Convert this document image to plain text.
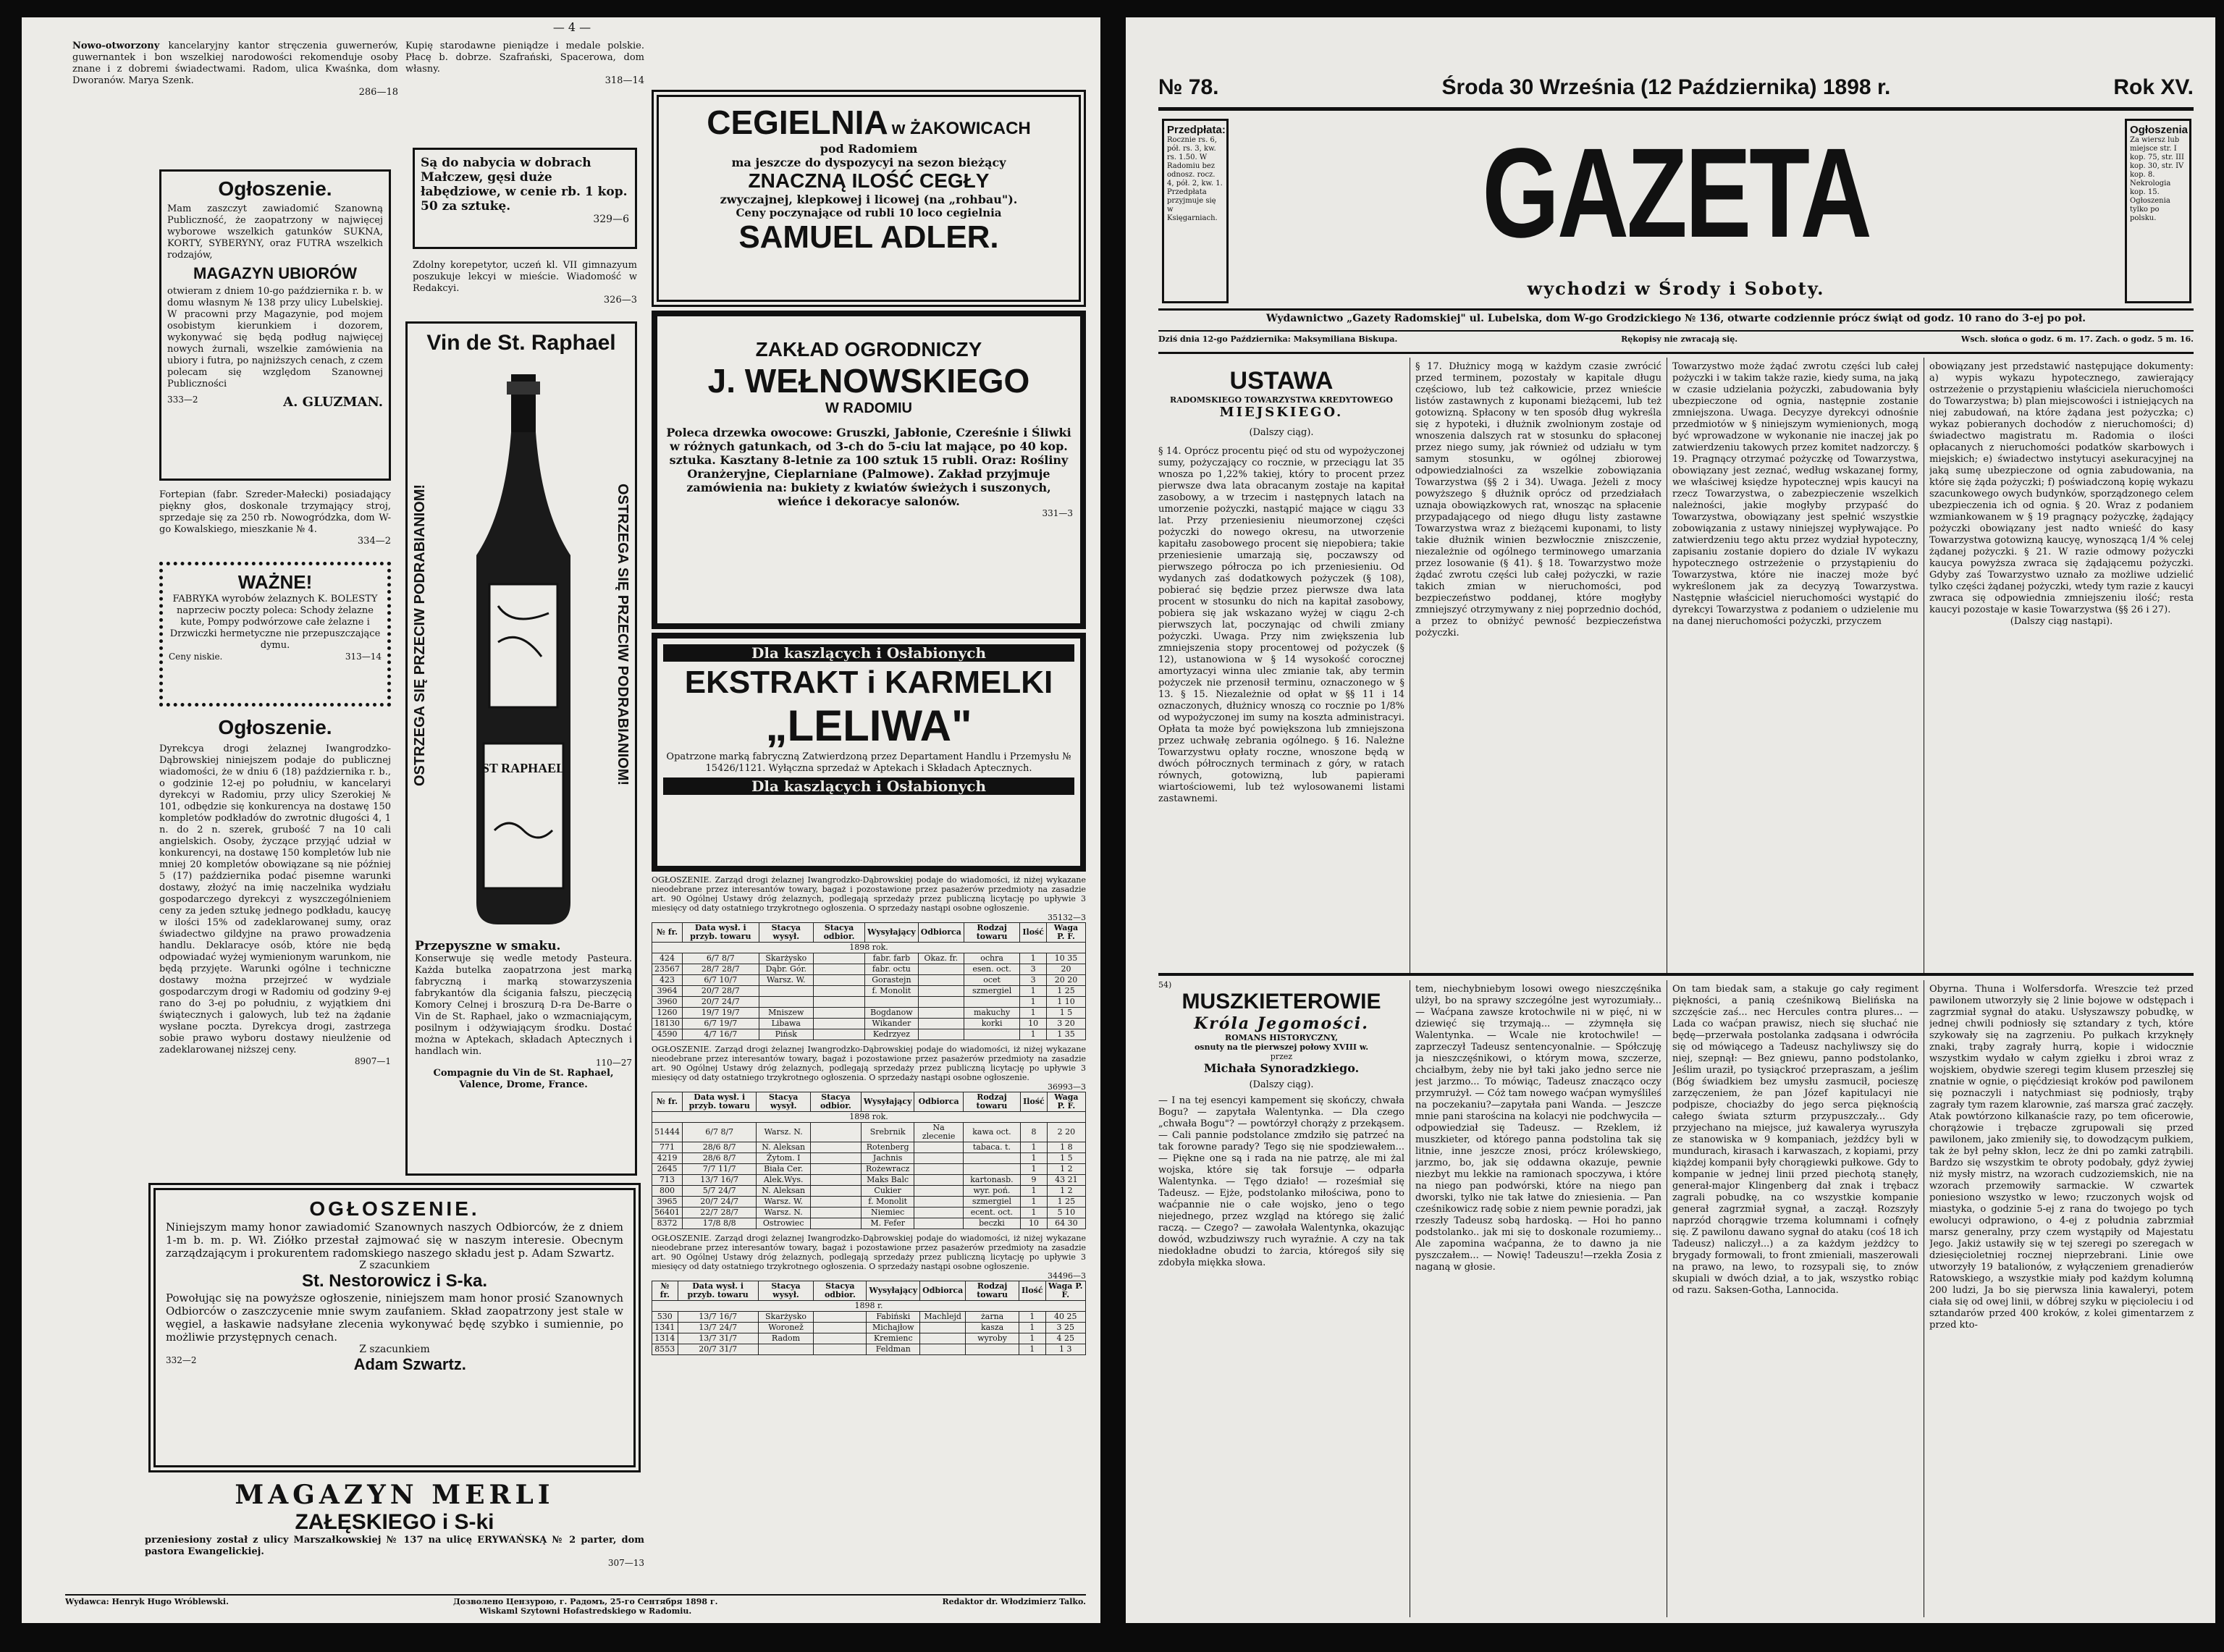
— 4 —
Nowo-otworzony kancelaryjny kantor stręczenia guwernerów, guwernantek i bon wszelkiej narodowości rekomenduje osoby znane i z dobremi świadectwami. Radom, ulica Kwaśnka, dom Dworanów. Marya Szenk.
286—18
Ogłoszenie.
Mam zaszczyt zawiadomić Szanowną Publiczność, że zaopatrzony w najwięcej wyborowe wszelkich gatunków SUKNA, KORTY, SYBERYNY, oraz FUTRA wszelkich rodzajów,
MAGAZYN UBIORÓW
otwieram z dniem 10-go października r. b. w domu własnym № 138 przy ulicy Lubelskiej. W pracowni przy Magazynie, pod mojem osobistym kierunkiem i dozorem, wykonywać się będą podług najwięcej nowych żurnali, wszelkie zamówienia na ubiory i futra, po najniższych cenach, z czem polecam się względom Szanownej Publiczności
333—2	A. GLUZMAN.
Fortepian (fabr. Szreder-Małecki) posiadający piękny głos, doskonale trzymający stroj, sprzedaje się za 250 rb. Nowogródzka, dom W-go Kowalskiego, mieszkanie № 4.
334—2
WAŻNE!
FABRYKA wyrobów żelaznych K. BOLESTY naprzeciw poczty poleca: Schody żelazne kute, Pompy podwórzowe całe żelazne i Drzwiczki hermetyczne nie przepuszczające dymu.
Ceny niskie.	313—14
Ogłoszenie.
Dyrekcya drogi żelaznej Iwangrodzko-Dąbrowskiej niniejszem podaje do publicznej wiadomości, że w dniu 6 (18) października r. b., o godzinie 12-ej po południu, w kancelaryi dyrekcyi w Radomiu, przy ulicy Szerokiej № 101, odbędzie się konkurencya na dostawę 150 kompletów podkładów do zwrotnic długości 4, 1 n. do 2 n. szerek, grubość 7 na 10 cali angielskich. Osoby, życzące przyjąć udział w konkurencyi, na dostawę 150 kompletów lub nie mniej 20 kompletów obowiązane są nie później 5 (17) października podać pisemne warunki dostawy, złożyć na imię naczelnika wydziału gospodarczego dyrekcyi z wyszczególnieniem ceny za jeden sztukę jednego podkładu, kaucyę w ilości 15% od zadeklarowanej sumy, oraz świadectwo gildyjne na prawo prowadzenia handlu. Deklaracye osób, które nie będą odpowiadać wyżej wymienionym warunkom, nie będą przyjęte. Warunki ogólne i techniczne dostawy można przejrzeć w wydziale gospodarczym drogi w Radomiu od godziny 9-ej rano do 3-ej po południu, z wyjątkiem dni świątecznych i galowych, lub też na żądanie wysłane poczta. Dyrekcya drogi, zastrzega sobie prawo wyboru dostawy nieulżenie od zadeklarowanej niższej ceny.
8907—1
Kupię starodawne pieniądze i medale polskie. Płacę b. dobrze. Szafrański, Spacerowa, dom własny.
318—14
Są do nabycia w dobrach Małczew, gęsi duże łabędziowe, w cenie rb. 1 kop. 50 za sztukę.
329—6
Zdolny korepetytor, uczeń kl. VII gimnazyum poszukuje lekcyi w mieście. Wiadomość w Redakcyi.
326—3
Vin de St. Raphael
OSTRZEGA SIĘ PRZECIW PODRABIANIOM!	OSTRZEGA SIĘ PRZECIW PODRABIANIOM!
ST RAPHAEL
Przepyszne w smaku.
Konserwuje się wedle metody Pasteura. Każda butelka zaopatrzona jest marką fabryczną i marką stowarzyszenia fabrykantów dla ścigania fałszu, pieczęcią Komory Celnej i broszurą D-ra De-Barre o Vin de St. Raphael, jako o wzmacniającym, posilnym i odżywiającym środku. Dostać można w Aptekach, składach Aptecznych i handlach win.
110—27
Compagnie du Vin de St. Raphael, Valence, Drome, France.
CEGIELNIA w ŻAKOWICACH
pod Radomiem
ma jeszcze do dyspozycyi na sezon bieżący
ZNACZNĄ ILOŚĆ CEGŁY
zwyczajnej, klepkowej i licowej (na „rohbau").
Ceny poczynające od rubli 10 loco cegielnia
SAMUEL ADLER.
ZAKŁAD OGRODNICZY
J. WEŁNOWSKIEGO
W RADOMIU
Poleca drzewka owocowe: Gruszki, Jabłonie, Czereśnie i Śliwki w różnych gatunkach, od 3-ch do 5-ciu lat mające, po 40 kop. sztuka. Kasztany 8-letnie za 100 sztuk 15 rubli. Oraz: Rośliny Oranżeryjne, Cieplarniane (Palmowe). Zakład przyjmuje zamówienia na: bukiety z kwiatów świeżych i suszonych, wieńce i dekoracye salonów.
331—3
Dla kaszlących i Osłabionych
EKSTRAKT i KARMELKI
„LELIWA"
Opatrzone marką fabryczną Zatwierdzoną przez Departament Handlu i Przemysłu № 15426/1121. Wyłączna sprzedaż w Aptekach i Składach Aptecznych.
Dla kaszlących i Osłabionych
OGŁOSZENIE. Zarząd drogi żelaznej Iwangrodzko-Dąbrowskiej podaje do wiadomości, iż niżej wykazane nieodebrane przez interesantów towary, bagaż i pozostawione przez pasażerów przedmioty na zasadzie art. 90 Ogólnej Ustawy dróg żelaznych, podlegają sprzedaży przez publiczną licytację po upływie 3 miesięcy od daty ostatniego trzykrotnego ogłoszenia. O sprzedaży nastąpi osobne ogłoszenie.
35132—3
№ fr.	Data wysł. i przyb. towaru	Stacya wysył.	Stacya odbior.	Wysyłający	Odbiorca	Rodzaj towaru	Ilość	Waga P. F.
1898 rok.								
424	6/7 8/7	Skarżysko		fabr. farb	Okaz. fr.	ochra	1	10 35
23567	28/7 28/7	Dąbr. Gór.		fabr. octu		esen. oct.	3	20
423	6/7 10/7	Warsz. W.		Gorastejn		ocet	3	20 20
3964	20/7 28/7			f. Monolit		szmergiel	1	1 25
3960	20/7 24/7						1	1 10
1260	19/7 19/7	Mniszew		Bogdanow		makuchy	1	1 5
18130	6/7 19/7	Libawa		Wikander		korki	10	3 20
4590	4/7 16/7	Pińsk		Kedrzyez			1	1 35
OGŁOSZENIE. Zarząd drogi żelaznej Iwangrodzko-Dąbrowskiej podaje do wiadomości, iż niżej wykazane nieodebrane przez interesantów towary, bagaż i pozostawione przez pasażerów przedmioty na zasadzie art. 90 Ogólnej Ustawy dróg żelaznych, podlegają sprzedaży przez publiczną licytację po upływie 3 miesięcy od daty ostatniego trzykrotnego ogłoszenia. O sprzedaży nastąpi osobne ogłoszenie.
36993—3
№ fr.	Data wysł. i przyb. towaru	Stacya wysył.	Stacya odbior.	Wysyłający	Odbiorca	Rodzaj towaru	Ilość	Waga P. F.
1898 rok.								
51444	6/7 8/7	Warsz. N.		Srebrnik	Na zlecenie	kawa oct.	8	2 20
771	28/6 8/7	N. Aleksan		Rotenberg		tabaca. t.	1	1 8
4219	28/6 8/7	Żytom. I		Jachnis			1	1 5
2645	7/7 11/7	Biała Cer.		Rożewracz			1	1 2
713	13/7 16/7	Alek.Wys.		Maks Balc		kartonasb.	9	43 21
800	5/7 24/7	N. Aleksan		Cukier		wyr. poń.	1	1 2
3965	20/7 24/7	Warsz. W.		f. Monolit		szmergiel	1	1 25
56401	22/7 28/7	Warsz. N.		Niemiec		ecent. oct.	1	5 10
8372	17/8 8/8	Ostrowiec		M. Fefer		beczki	10	64 30
OGŁOSZENIE. Zarząd drogi żelaznej Iwangrodzko-Dąbrowskiej podaje do wiadomości, iż niżej wykazane nieodebrane przez interesantów towary, bagaż i pozostawione przez pasażerów przedmioty na zasadzie art. 90 Ogólnej Ustawy dróg żelaznych, podlegają sprzedaży przez publiczną licytację po upływie 3 miesięcy od daty ostatniego trzykrotnego ogłoszenia. O sprzedaży nastąpi osobne ogłoszenie.
34496—3
№ fr.	Data wysł. i przyb. towaru	Stacya wysył.	Stacya odbior.	Wysyłający	Odbiorca	Rodzaj towaru	Ilość	Waga P. F.
1898 r.								
530	13/7 16/7	Skarżysko		Fabiński	Machlejd	żarna	1	40 25
1341	13/7 24/7	Woronež		Michajłow		kasza	1	3 25
1314	13/7 31/7	Radom		Kremienc		wyroby	1	4 25
8553	20/7 31/7			Feldman			1	1 3
OGŁOSZENIE.
Niniejszym mamy honor zawiadomić Szanownych naszych Odbiorców, że z dniem 1-m b. m. p. Wł. Ziółko przestał zajmować się w naszym interesie. Obecnym zarządzającym i prokurentem radomskiego naszego składu jest p. Adam Szwartz.
Z szacunkiem
St. Nestorowicz i S-ka.
Powołując się na powyższe ogłoszenie, niniejszem mam honor prosić Szanownych Odbiorców o zaszczycenie mnie swym zaufaniem. Skład zaopatrzony jest stale w węgiel, a łaskawie nadsyłane zlecenia wykonywać będę szybko i sumiennie, po możliwie przystępnych cenach.
Z szacunkiem
332—2	Adam Szwartz.
MAGAZYN MERLI
ZAŁĘSKIEGO i S-ki
przeniesiony został z ulicy Marszałkowskiej № 137 na ulicę ERYWAŃSKĄ № 2 parter, dom pastora Ewangelickiej.
307—13
Wydawca: Henryk Hugo Wróblewski.	Дозволено Цензурою, г. Радомъ, 25-го Сентября 1898 г.
Wiskaml Szytowni Hofastredskiego w Radomiu.
Redaktor dr. Włodzimierz Talko.
№ 78.	Środa 30 Września (12 Października) 1898 r.	Rok XV.
Przedpłata:
Rocznie rs. 6, pół. rs. 3, kw. rs. 1.50. W Radomiu bez odnosz. rocz. 4, pół. 2, kw. 1. Przedpłata przyjmuje się w Księgarniach.
Ogłoszenia
Za wiersz lub miejsce str. I kop. 75, str. III kop. 30, str. IV kop. 8. Nekrologia kop. 15. Ogłoszenia tylko po polsku.
GAZETA
wychodzi w Środy i Soboty.
Wydawnictwo „Gazety Radomskiej" ul. Lubelska, dom W-go Grodzickiego № 136, otwarte codziennie prócz świąt od godz. 10 rano do 3-ej po poł.
Dziś dnia 12-go Października: Maksymiliana Biskupa.	Rękopisy nie zwracają się.	Wsch. słońca o godz. 6 m. 17. Zach. o godz. 5 m. 16.
USTAWA
RADOMSKIEGO TOWARZYSTWA KREDYTOWEGO
MIEJSKIEGO.
(Dalszy ciąg).
§ 14. Oprócz procentu pięć od stu od wypożyczonej sumy, pożyczający co rocznie, w przeciągu lat 35 wnosza po 1,22% takiej, który to procent przez pierwsze dwa lata obracanym zostaje na kapitał zasobowy, a w trzecim i następnych latach na umorzenie pożyczki, nastąpić mające w ciągu 33 lat. Przy przeniesieniu nieumorzonej części pożyczki do nowego okresu, na utworzenie kapitału zasobowego procent się niepobiera; takie przeniesienie umarzają się, poczawszy od pierwszego półrocza po ich przeniesieniu. Od wydanych zaś dodatkowych pożyczek (§ 108), pobierać się będzie przez pierwsze dwa lata procent w stosunku do nich na kapitał zasobowy, pobiera się jak wskazano wyżej w ciągu 2-ch pierwszych lat, poczynając od chwili zmiany pożyczki. Uwaga. Przy nim zwiększenia lub zmniejszenia stopy procentowej od pożyczek (§ 12), ustanowiona w § 14 wysokość corocznej amortyzacyi winna ulec zmianie tak, aby termin pożyczek nie przenosił terminu, oznaczonego w § 13. § 15. Niezależnie od opłat w §§ 11 i 14 oznaczonych, dłużnicy wnoszą co rocznie po 1/8% od wypożyczonej im sumy na koszta administracyi. Opłata ta może być powiększona lub zmniejszona przez uchwałę zebrania ogólnego. § 16. Należne Towarzystwu opłaty roczne, wnoszone będą w dwóch półrocznych terminach z góry, w ratach równych, gotowizną, lub papierami wiartościowemi, lub też wylosowanemi listami zastawnemi.
§ 17. Dłużnicy mogą w każdym czasie zwrócić przed terminem, pozostały w kapitale długu częściowo, lub też całkowicie, przez wnieście listów zastawnych z kuponami bieżącemi, lub też gotowizną. Spłacony w ten sposób dług wykreśla się z hypoteki, i dłużnik zwolnionym zostaje od wnoszenia dalszych rat w stosunku do spłaconej przez niego sumy, jak również od udziału w tym samym stosunku, w ogólnej zbiorowej odpowiedzialności za wszelkie zobowiązania Towarzystwa (§§ 2 i 34). Uwaga. Jeżeli z mocy powyższego § dłużnik oprócz od przedziałach uznaja obowiązkowych rat, wnosząc na spłacenie przypadającego od niego długu listy zastawne Towarzystwa wraz z bieżącemi kuponami, to listy takie dłużnik winien bezwłocznie zniszczenie, niezależnie od ogólnego terminowego umarzania przez losowanie (§ 41). § 18. Towarzystwo może żądać zwrotu części lub całej pożyczki, w razie takich zmian w nieruchomości, pod bezpieczeństwo poddanej, które mogłyby zmniejszyć otrzymywany z niej poprzednio dochód, a przez to obniżyć pewność bezpieczeństwa pożyczki.
Towarzystwo może żądać zwrotu części lub całej pożyczki i w takim także razie, kiedy suma, na jaką w czasie udzielania pożyczki, zabudowania były ubezpieczone od ognia, następnie zostanie zmniejszona. Uwaga. Decyzye dyrekcyi odnośnie przedmiotów w § niniejszym wymienionych, mogą być wprowadzone w wykonanie nie inaczej jak po zatwierdzeniu takowych przez komitet nadzorczy. § 19. Pragnący otrzymać pożyczkę od Towarzystwa, obowiązany jest zeznać, według wskazanej formy, we właściwej księdze hypotecznej wpis kaucyi na rzecz Towarzystwa, o zabezpieczenie wszelkich należności, jakie mogłyby przypaść do Towarzystwa, obowiązany jest spełnić wszystkie zobowiązania z ustawy niniejszej wypływające. Po zatwierdzeniu tego aktu przez wydział hypoteczny, zapisaniu zostanie dopiero do dziale IV wykazu hypotecznego ostrzeżenie o przystąpieniu do Towarzystwa, które nie inaczej może być wykreślonem jak za decyzyą Towarzystwa. Następnie właściciel nieruchomości wystąpić do dyrekcyi Towarzystwa z podaniem o udzielenie mu na danej nieruchomości pożyczki, przyczem
obowiązany jest przedstawić następujące dokumenty: a) wypis wykazu hypotecznego, zawierający ostrzeżenie o przystąpieniu właściciela nieruchomości do Towarzystwa; b) plan miejscowości i istniejących na niej zabudowań, na które żądana jest pożyczka; c) wykaz pobieranych dochodów z nieruchomości; d) świadectwo magistratu m. Radomia o ilości opłacanych z nieruchomości podatków skarbowych i miejskich; e) świadectwo instytucyi asekuracyjnej na jaką sumę ubezpieczone od ognia zabudowania, na które się żąda pożyczki; f) poświadczoną kopię wykazu szacunkowego owych budynków, sporządzonego celem ubezpieczenia ich od ognia. § 20. Wraz z podaniem wzmiankowanem w § 19 pragnący pożyczkę, żądający pożyczki obowiązany jest nadto wnieść do kasy Towarzystwa gotowizną kaucyę, wynoszącą 1/4 % celej żądanej pożyczki. § 21. W razie odmowy pożyczki kaucya powyższa zwraca się żądającemu pożyczki. Gdyby zaś Towarzystwo uznało za możliwe udzielić tylko części żądanej pożyczki, wtedy tym razie z kaucyi zwraca się odpowiednia zmniejszeniu ilość; resta kaucyi pozostaje w kasie Towarzystwa (§§ 26 i 27).
(Dalszy ciąg nastąpi).
54)
MUSZKIETEROWIE
Króla Jegomości.
ROMANS HISTORYCZNY,
osnuty na tle pierwszej połowy XVIII w.
przez
Michała Synoradzkiego.
(Dalszy ciąg).
— I na tej esencyi kampement się skończy, chwała Bogu? — zapytała Walentynka. — Dla czego „chwała Bogu"? — powtórzył chorąży z przekąsem. — Cali pannie podstolance zmdziło się patrzeć na tak forowne parady? Tego się nie spodziewałem... — Piękne one są i rada na nie patrzę, ale mi żal wojska, które się tak forsuje — odparła Walentynka. — Tęgo działo! — roześmiał się Tadeusz. — Ejże, podstolanko miłościwa, pono to waćpannie nie o całe wojsko, jeno o tego niejednego, przez wzgląd na którego się żalić raczą. — Czego? — zawołała Walentynka, okazując dowód, wzbudziwszy ruch wyraźnie. A czy na tak niedokładne obudzi to żarcia, któregoś siły się zdobyła miękka słowa.
tem, niechybniebym losowi owego nieszczęśnika ulżył, bo na sprawy szczególne jest wyrozumiały... — Waćpana zawsze krotochwile ni w pięć, ni w dziewięć się trzymają... — zżymnęła się Walentynka. — Wcale nie krotochwile! — zaprzeczył Tadeusz sentencyonalnie. — Spółczuję ja nieszczęśnikowi, o którym mowa, szczerze, chciałbym, żeby nie był taki jako jedno serce nie jest jarzmo... To mówiąc, Tadeusz znacząco oczy przymrużył. — Cóż tam nowego waćpan wymyślileś na poczekaniu?—zapytała pani Wanda. — Jeszcze mnie pani starościna na kolacyi nie podchwyciła — odpowiedział się Tadeusz. — Rzeklem, iż muszkieter, od którego panna podstolina tak się litnie, inne jeszcze znosi, prócz królewskiego, jarzmo, bo, jak się oddawna okazuje, pewnie niezbyt mu lekkie na ramionach spoczywa, i które na niego pan podwórski, które na niego pan dworski, tylko nie tak łatwe do zniesienia. — Pan cześnikowicz radę sobie z niem pewnie poradzi, jak rzeszły Tadeusz sobą hardoską. — Hoi ho panno podstolanko.. jak mi się to doskonale rozumiemy... Ale zapomina waćpanna, że to dawno ja nie pyszczałem... — Nowię! Tadeuszu!—rzekła Zosia z naganą w głosie.
On tam biedak sam, a stakuje go cały regiment piękności, a panią cześnikową Bielińska na szczęście zaś... nec Hercules contra plures... — Lada co waćpan prawisz, niech się słuchać nie będę—przerwała postolanka zadąsana i odwróciła się od mówiącego a Tadeusz nachyliwszy się do niej, szepnął: — Bez gniewu, panno podstolanko, Jeślim uraził, po tysiąckroć przepraszam, a jeślim (Bóg świadkiem bez umysłu zasmucił, pocieszę zarzęczeniem, że pan Józef kapitulacyi nie podpisze, chociażby do jego serca pięknością całego świata szturm przypuszczały... Gdy przyjechano na miejsce, już kawalerya wyruszyła ze stanowiska w 9 kompaniach, jeżdźcy byli w mundurach, kirasach i karwaszach, z kopiami, przy kiążdej kompanii były chorągiewki pułkowe. Gdy to kompanie w jednej linii przed piechotą stanęły, generał-major Klingenberg dał znak i trębacz zagrali pobudkę, na co wszystkie kompanie generał zagrzmiał sygnał, a zaczął. Rozszyły naprzód chorągwie trzema kolumnami i cofnęły się. Z pawilonu dawano sygnał do ataku (coś 18 ich Tadeusz) naliczył...) a za każdym jeżdżcy to brygady formowali, to front zmieniali, maszerowali na prawo, na lewo, to rozsypali się, to znów skupiali w dwóch dział, a to jak, wszystko robiąc od razu. Saksen-Gotha, Lannocida.
Obyrna. Thuna i Wolfersdorfa. Wreszcie też przed pawilonem utworzyły się 2 linie bojowe w odstępach i zagrzmiał sygnał do ataku. Usłyszawszy pobudkę, w jednej chwili podniosły się sztandary z tych, które szykowały się na zagrzeniu. Po pułkach krzyknęły znaki, trąby zagrały hurrą, kopie i widocznie wszystkim wydało w całym zgiełku i zbroi wraz z wojskiem, obydwie szeregi tegim klusem przeszłej się znatnie w ognie, o pięćdziesiąt kroków pod pawilonem się poznaczyli i natychmiast się podniosły, trąby zagrały tym razem klarownie, zaś marsza grać zaczęły. Atak powtórzono kilkanaście razy, po tem oficerowie, chorążowie i trębacze zgrupowali się przed pawilonem, jako zmieniły się, to dowodzącym pułkiem, tak że był pełny skłon, lecz że dni po zamki zatrąbili. Bardzo się wszystkim te obroty podobały, gdyż żywiej niż mysły mistrz, na wzorach cudzoziemskich, nie na wzorach przemowiły sarmackie. W czwartek poniesiono wszystko w lewo; rzuczonych wojsk od miastyka, o godzinie 5-ej z rana do twojego po tych ewolucyi odprawiono, o 4-ej z południa zabrzmiał marsz generalny, przy czem wystąpiły od Majestatu Jego. Jakiż ustawiły się w tej szeregi po szeregach w dziesięcioletniej rocznej nieprzebrani. Linie owe utworzyły 19 batalionów, z wyłączeniem grenadierów Ratowskiego, a wszystkie miały pod każdym kolumną 200 ludzi, Ja bo się pierwsza linia kawaleryi, potem ciała się od owej linii, w dóbrej szyku w pięcioleciu i od sztandarów przed 400 kroków, z kolei gimentarzem z przed kto-
